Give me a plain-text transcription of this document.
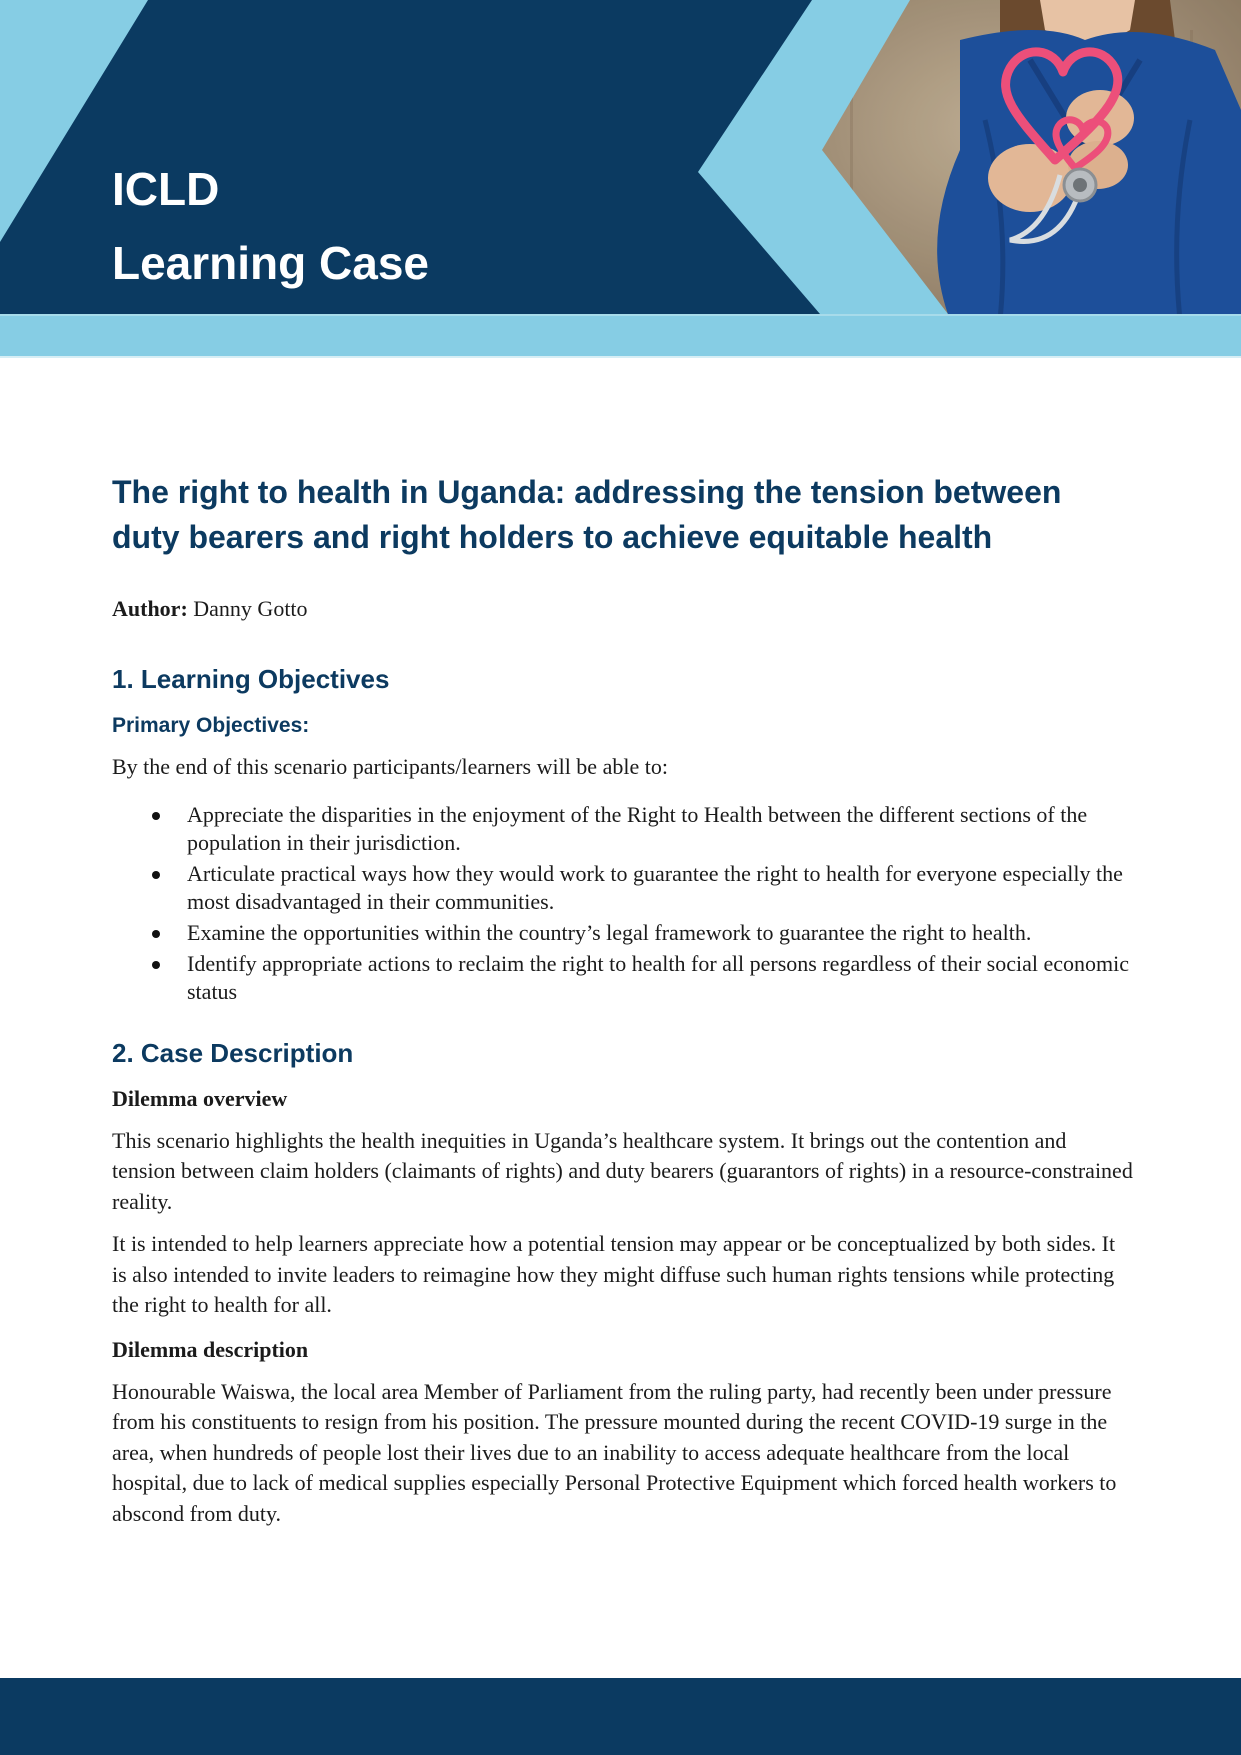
ICLD
Learning Case
The right to health in Uganda: addressing the tension between duty bearers and right holders to achieve equitable health

Author: Danny Gotto

1. Learning Objectives
Primary Objectives:

By the end of this scenario participants/learners will be able to:

Appreciate the disparities in the enjoyment of the Right to Health between the different sections of the population in their jurisdiction.
Articulate practical ways how they would work to guarantee the right to health for everyone especially the most disadvantaged in their communities.
Examine the opportunities within the country’s legal framework to guarantee the right to health.
Identify appropriate actions to reclaim the right to health for all persons regardless of their social economic status
2. Case Description
Dilemma overview

This scenario highlights the health inequities in Uganda’s healthcare system. It brings out the contention and tension between claim holders (claimants of rights) and duty bearers (guarantors of rights) in a resource-constrained reality.

It is intended to help learners appreciate how a potential tension may appear or be conceptualized by both sides. It is also intended to invite leaders to reimagine how they might diffuse such human rights tensions while protecting the right to health for all.

Dilemma description

Honourable Waiswa, the local area Member of Parliament from the ruling party, had recently been under pressure from his constituents to resign from his position. The pressure mounted during the recent COVID-19 surge in the area, when hundreds of people lost their lives due to an inability to access adequate healthcare from the local hospital, due to lack of medical supplies especially Personal Protective Equipment which forced health workers to abscond from duty.
